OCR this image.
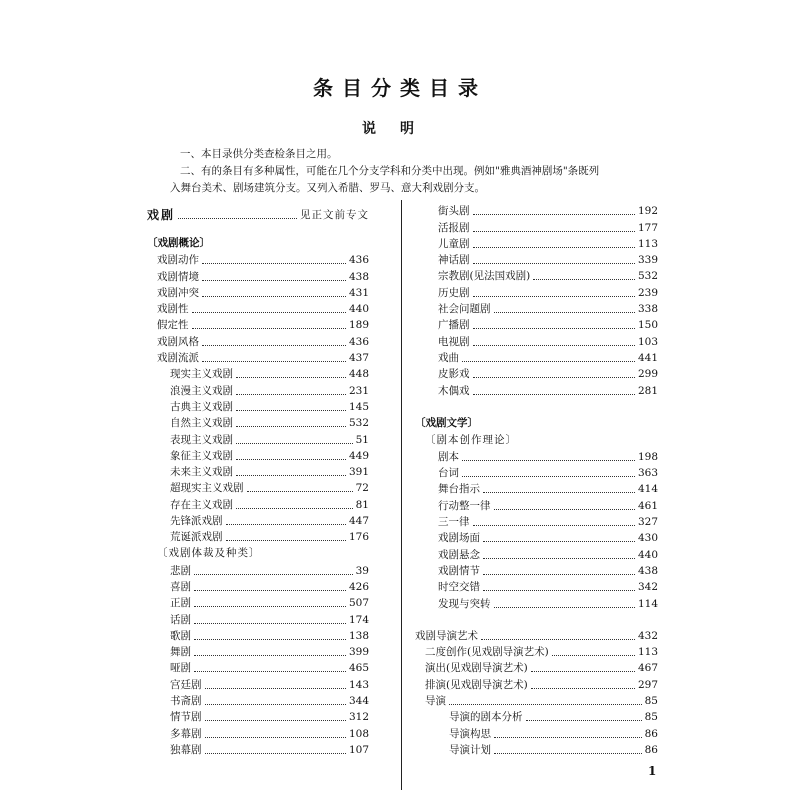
条目分类目录
说明
一、本目录供分类查检条目之用。
二、有的条目有多种属性，可能在几个分支学科和分类中出现。例如"雅典酒神剧场"条既列
入舞台美术、剧场建筑分支。又列入希腊、罗马、意大利戏剧分支。
戏剧	见正文前专文
〔戏剧概论〕
戏剧动作	436
戏剧情境	438
戏剧冲突	431
戏剧性	440
假定性	189
戏剧风格	436
戏剧流派	437
现实主义戏剧	448
浪漫主义戏剧	231
古典主义戏剧	145
自然主义戏剧	532
表现主义戏剧	51
象征主义戏剧	449
未来主义戏剧	391
超现实主义戏剧	72
存在主义戏剧	81
先锋派戏剧	447
荒诞派戏剧	176
〔戏剧体裁及种类〕
悲剧	39
喜剧	426
正剧	507
话剧	174
歌剧	138
舞剧	399
哑剧	465
宫廷剧	143
书斋剧	344
情节剧	312
多幕剧	108
独幕剧	107
街头剧	192
活报剧	177
儿童剧	113
神话剧	339
宗教剧(见法国戏剧)	532
历史剧	239
社会问题剧	338
广播剧	150
电视剧	103
戏曲	441
皮影戏	299
木偶戏	281
〔戏剧文学〕
〔剧本创作理论〕
剧本	198
台词	363
舞台指示	414
行动整一律	461
三一律	327
戏剧场面	430
戏剧悬念	440
戏剧情节	438
时空交错	342
发现与突转	114
戏剧导演艺术	432
二度创作(见戏剧导演艺术)	113
演出(见戏剧导演艺术)	467
排演(见戏剧导演艺术)	297
导演	85
导演的剧本分析	85
导演构思	86
导演计划	86
1
